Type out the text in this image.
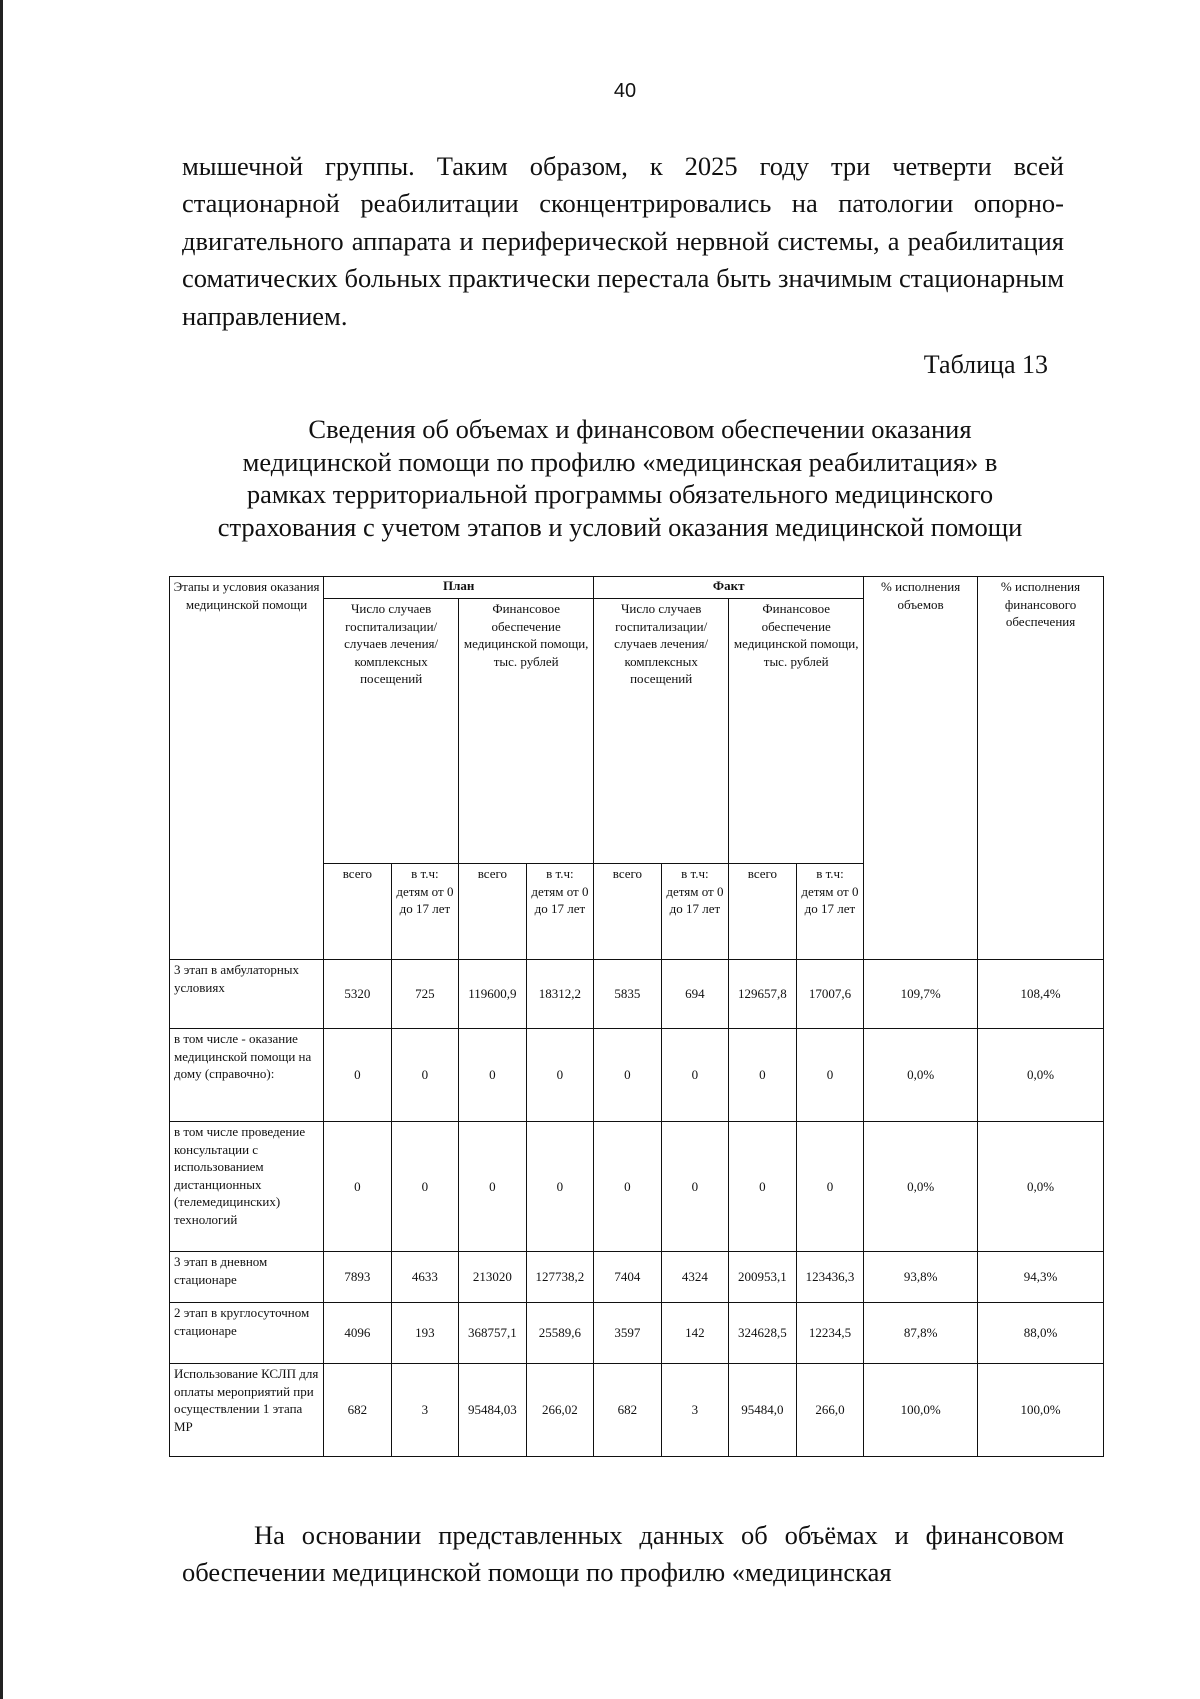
40

мышечной группы. Таким образом, к 2025 году три четверти всей стационарной реабилитации сконцентрировались на патологии опорно-двигательного аппарата и периферической нервной системы, а реабилитация соматических больных практически перестала быть значимым стационарным направлением.

Таблица 13
Сведения об объемах и финансовом обеспечении оказания
медицинской помощи по профилю «медицинская реабилитация» в
рамках территориальной программы обязательного медицинского
страхования с учетом этапов и условий оказания медицинской помощи
Этапы и условия оказания медицинской помощи	План				Факт				% исполнения объемов	% исполнения финансового обеспечения
	Число случаев госпитализации/ случаев лечения/ комплексных посещений		Финансовое обеспечение медицинской помощи, тыс. рублей		Число случаев госпитализации/ случаев лечения/ комплексных посещений		Финансовое обеспечение медицинской помощи, тыс. рублей			
	всего	в т.ч: детям от 0 до 17 лет	всего	в т.ч: детям от 0 до 17 лет	всего	в т.ч: детям от 0 до 17 лет	всего	в т.ч: детям от 0 до 17 лет		
3 этап в амбулаторных условиях	5320	725	119600,9	18312,2	5835	694	129657,8	17007,6	109,7%	108,4%
в том числе - оказание медицинской помощи на дому (справочно):	0	0	0	0	0	0	0	0	0,0%	0,0%
в том числе проведение консультации с использованием дистанционных (телемедицинских) технологий	0	0	0	0	0	0	0	0	0,0%	0,0%
3 этап в дневном стационаре	7893	4633	213020	127738,2	7404	4324	200953,1	123436,3	93,8%	94,3%
2 этап в круглосуточном стационаре	4096	193	368757,1	25589,6	3597	142	324628,5	12234,5	87,8%	88,0%
Использование КСЛП для оплаты мероприятий при осуществлении 1 этапа МР	682	3	95484,03	266,02	682	3	95484,0	266,0	100,0%	100,0%

На основании представленных данных об объёмах и финансовом обеспечении медицинской помощи по профилю «медицинская
